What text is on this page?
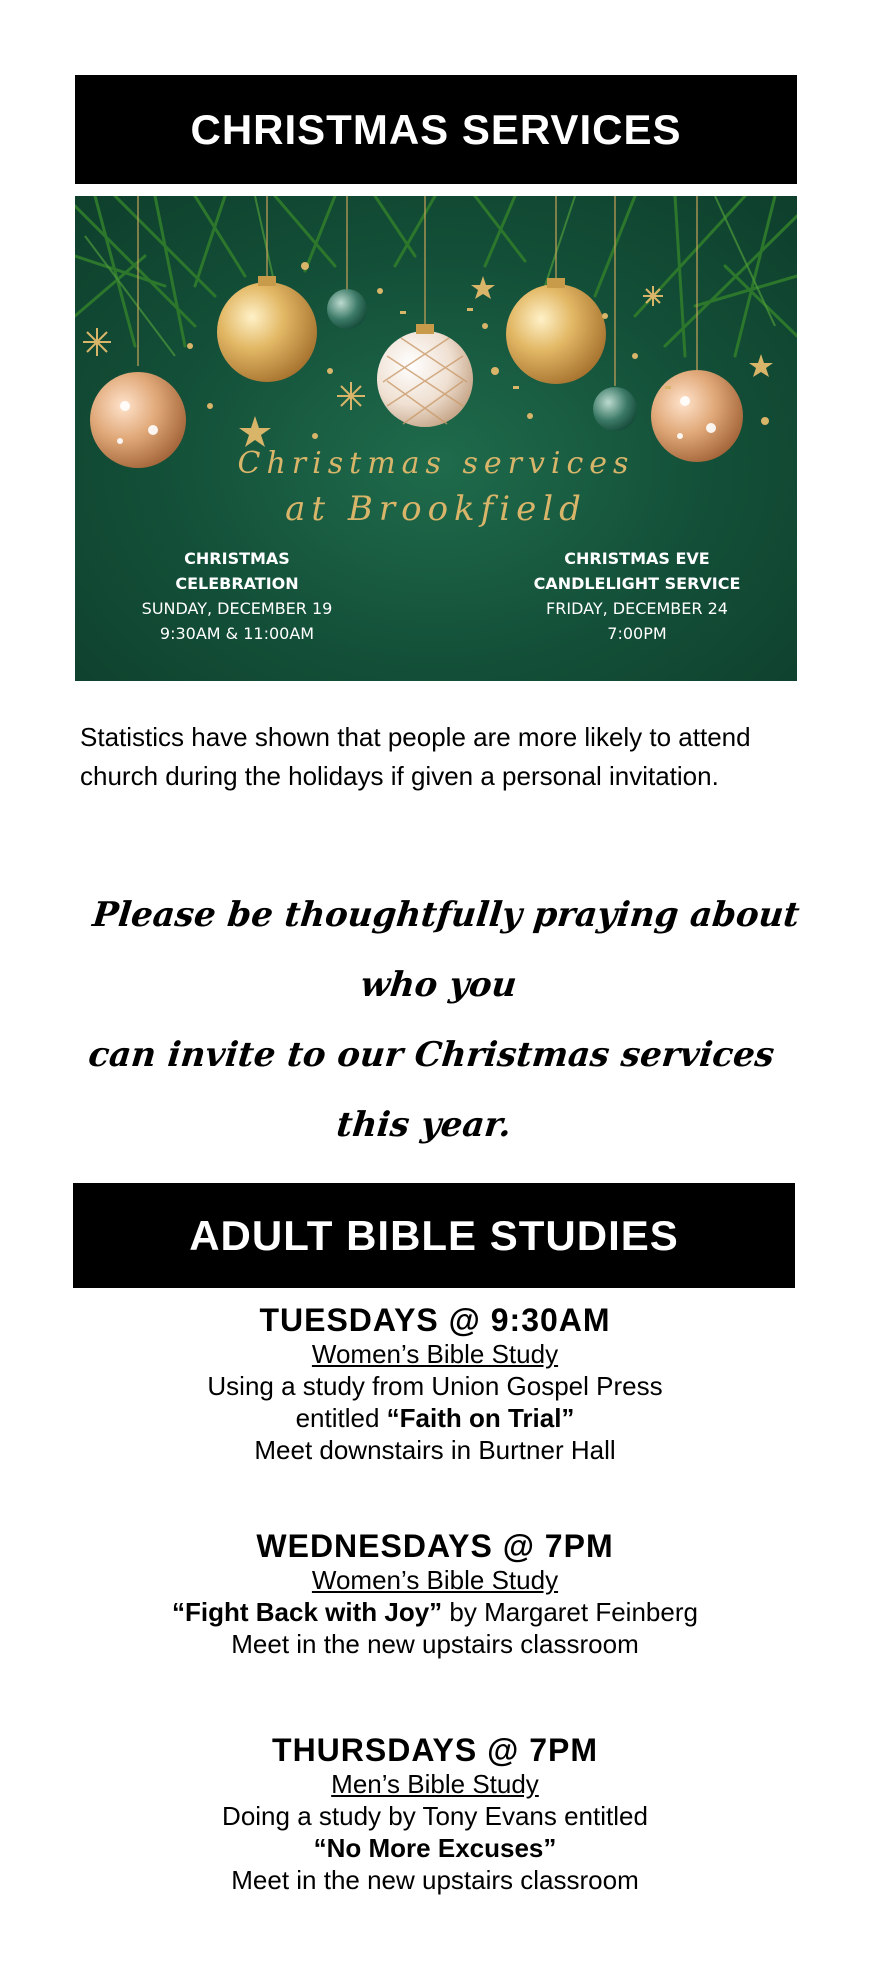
CHRISTMAS SERVICES
Christmas services
at Brookfield
CHRISTMAS
CELEBRATION
SUNDAY, DECEMBER 19
9:30AM & 11:00AM
CHRISTMAS EVE
CANDLELIGHT SERVICE
FRIDAY, DECEMBER 24
7:00PM
Statistics have shown that people are more likely to attend church during the holidays if given a personal invitation.
Please be thoughtfully praying about who you
can invite to our Christmas services this year.
ADULT BIBLE STUDIES
TUESDAYS @ 9:30AM
Women’s Bible Study
Using a study from Union Gospel Press
entitled “Faith on Trial”
Meet downstairs in Burtner Hall
WEDNESDAYS @ 7PM
Women’s Bible Study
“Fight Back with Joy” by Margaret Feinberg
Meet in the new upstairs classroom
THURSDAYS @ 7PM
Men’s Bible Study
Doing a study by Tony Evans entitled
“No More Excuses”
Meet in the new upstairs classroom
